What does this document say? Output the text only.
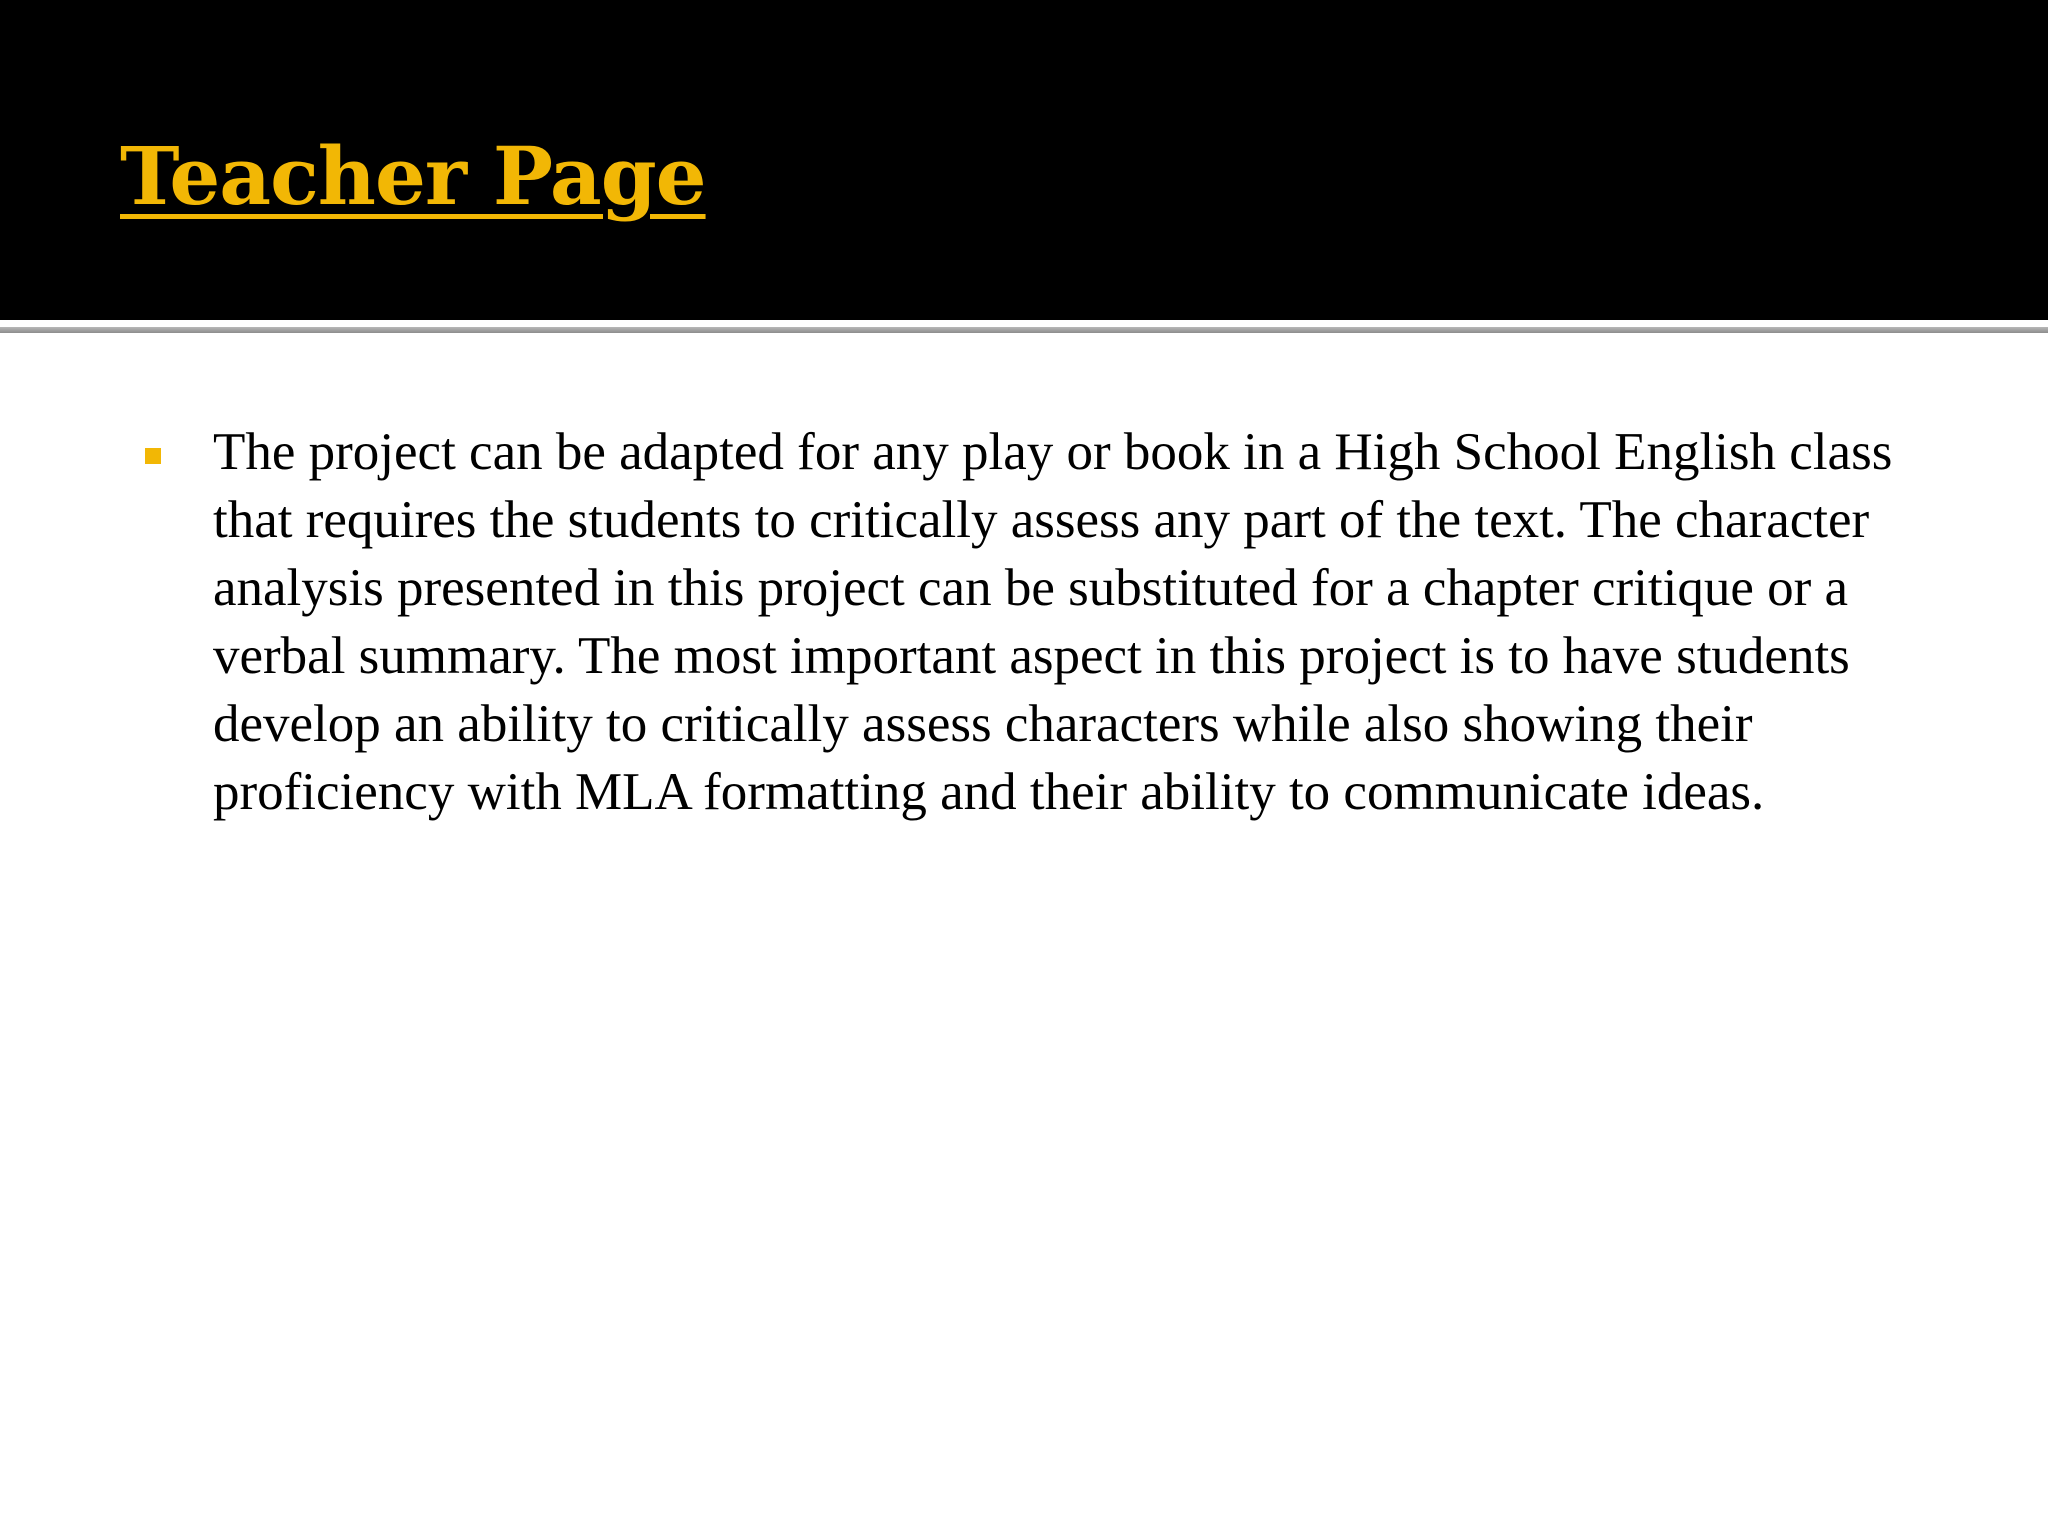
Teacher Page

The project can be adapted for any play or book in a High School English class that requires the students to critically assess any part of the text. The character analysis presented in this project can be substituted for a chapter critique or a verbal summary. The most important aspect in this project is to have students develop an ability to critically assess characters while also showing their proficiency with MLA formatting and their ability to communicate ideas.
